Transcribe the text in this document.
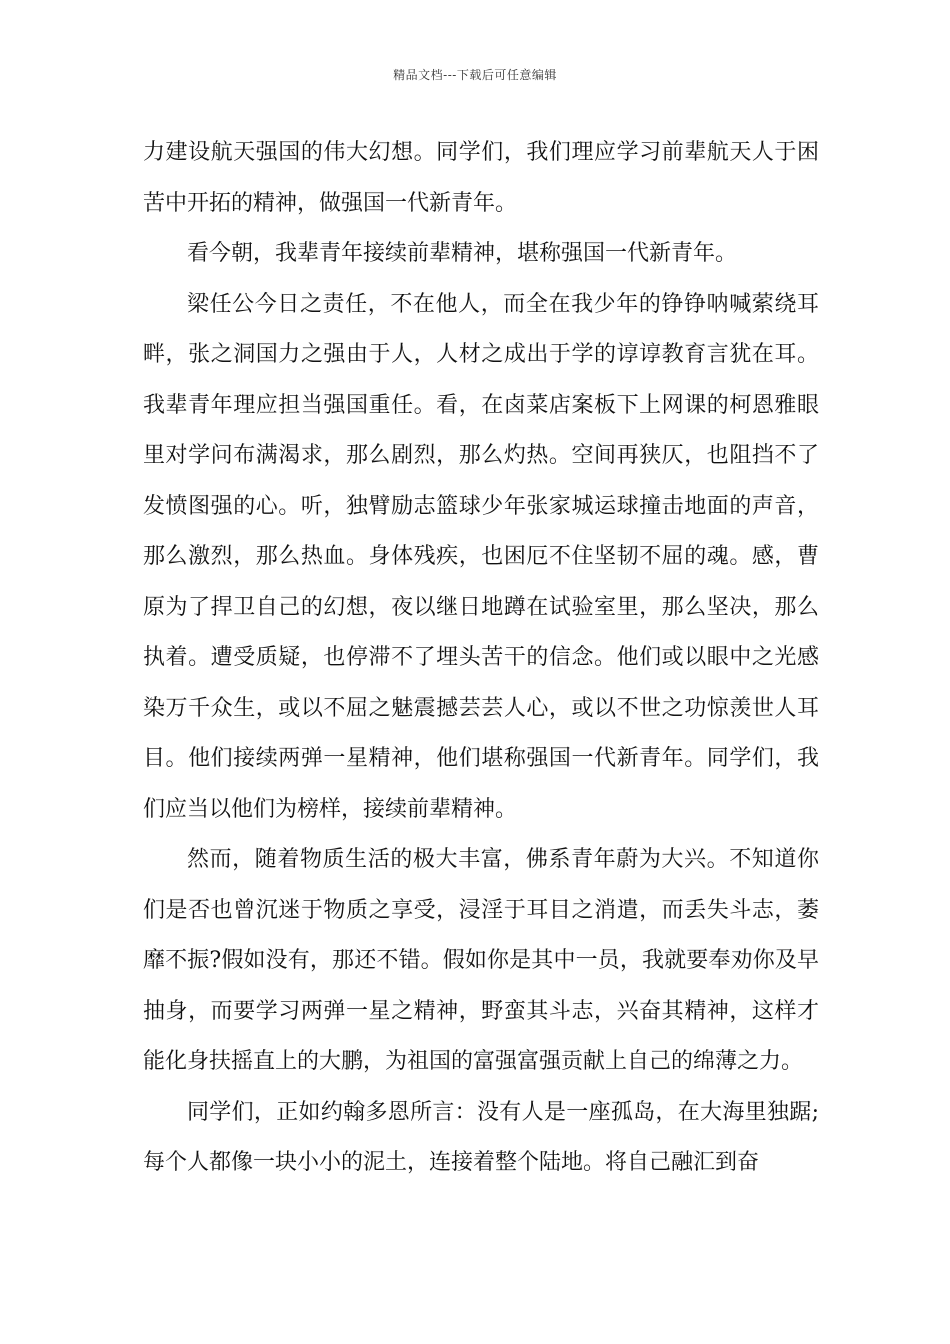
精品文档---下载后可任意编辑

力建设航天强国的伟大幻想。同学们，我们理应学习前辈航天人于困苦中开拓的精神，做强国一代新青年。

看今朝，我辈青年接续前辈精神，堪称强国一代新青年。

梁任公今日之责任，不在他人，而全在我少年的铮铮呐喊萦绕耳畔，张之洞国力之强由于人，人材之成出于学的谆谆教育言犹在耳。我辈青年理应担当强国重任。看，在卤菜店案板下上网课的柯恩雅眼里对学问布满渴求，那么剧烈，那么灼热。空间再狭仄，也阻挡不了发愤图强的心。听，独臂励志篮球少年张家城运球撞击地面的声音，那么激烈，那么热血。身体残疾，也困厄不住坚韧不屈的魂。感，曹原为了捍卫自己的幻想，夜以继日地蹲在试验室里，那么坚决，那么执着。遭受质疑，也停滞不了埋头苦干的信念。他们或以眼中之光感染万千众生，或以不屈之魅震撼芸芸人心，或以不世之功惊羡世人耳目。他们接续两弹一星精神，他们堪称强国一代新青年。同学们，我们应当以他们为榜样，接续前辈精神。

然而，随着物质生活的极大丰富，佛系青年蔚为大兴。不知道你们是否也曾沉迷于物质之享受，浸淫于耳目之消遣，而丢失斗志，萎靡不振?假如没有，那还不错。假如你是其中一员，我就要奉劝你及早抽身，而要学习两弹一星之精神，野蛮其斗志，兴奋其精神，这样才能化身扶摇直上的大鹏，为祖国的富强富强贡献上自己的绵薄之力。

同学们，正如约翰多恩所言：没有人是一座孤岛，在大海里独踞;每个人都像一块小小的泥土，连接着整个陆地。将自己融汇到奋
